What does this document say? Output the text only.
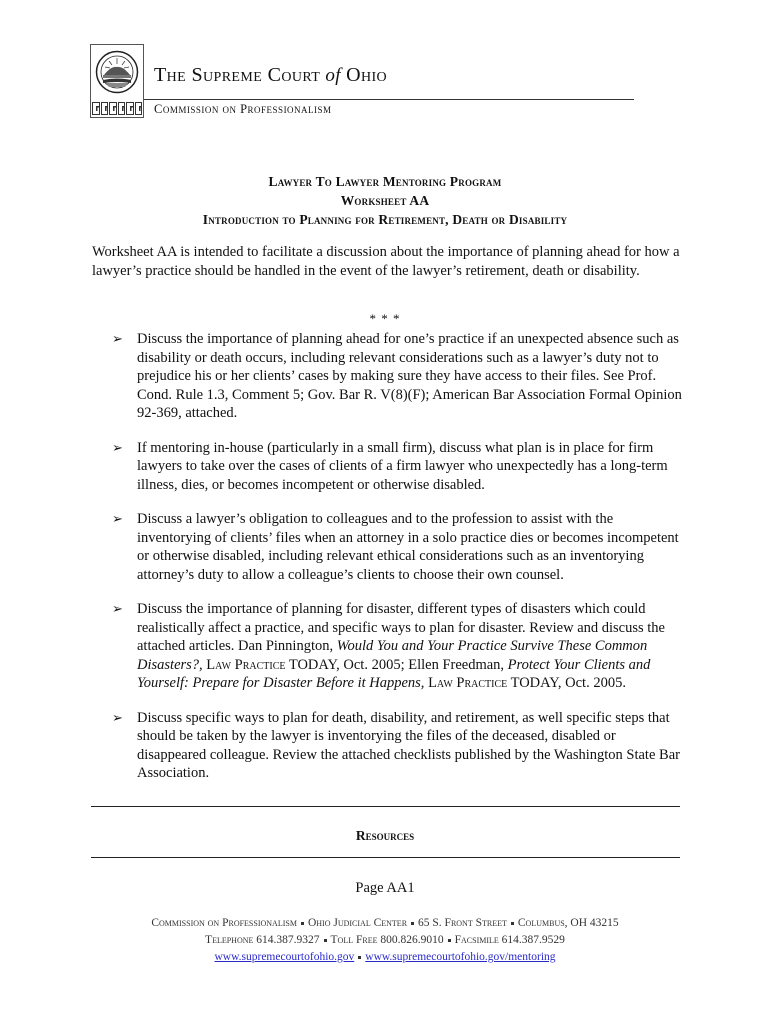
The Supreme Court of Ohio
Commission on Professionalism
Lawyer To Lawyer Mentoring Program
Worksheet AA
Introduction to Planning for Retirement, Death or Disability
Worksheet AA is intended to facilitate a discussion about the importance of planning ahead for how a lawyer’s practice should be handled in the event of the lawyer’s retirement, death or disability.
* * *
➢ Discuss the importance of planning ahead for one’s practice if an unexpected absence such as disability or death occurs, including relevant considerations such as a lawyer’s duty not to prejudice his or her clients’ cases by making sure they have access to their files. See Prof. Cond. Rule 1.3, Comment 5; Gov. Bar R. V(8)(F); American Bar Association Formal Opinion 92-369, attached.
➢ If mentoring in-house (particularly in a small firm), discuss what plan is in place for firm lawyers to take over the cases of clients of a firm lawyer who unexpectedly has a long-term illness, dies, or becomes incompetent or otherwise disabled.
➢ Discuss a lawyer’s obligation to colleagues and to the profession to assist with the inventorying of clients’ files when an attorney in a solo practice dies or becomes incompetent or otherwise disabled, including relevant ethical considerations such as an inventorying attorney’s duty to allow a colleague’s clients to choose their own counsel.
➢ Discuss the importance of planning for disaster, different types of disasters which could realistically affect a practice, and specific ways to plan for disaster. Review and discuss the attached articles. Dan Pinnington, Would You and Your Practice Survive These Common Disasters?, Law Practice TODAY, Oct. 2005; Ellen Freedman, Protect Your Clients and Yourself: Prepare for Disaster Before it Happens, Law Practice TODAY, Oct. 2005.
➢ Discuss specific ways to plan for death, disability, and retirement, as well specific steps that should be taken by the lawyer is inventorying the files of the deceased, disabled or disappeared colleague. Review the attached checklists published by the Washington State Bar Association.
Resources
Page AA1
Commission on Professionalism Ohio Judicial Center 65 S. Front Street Columbus, OH 43215
Telephone 614.387.9327 Toll Free 800.826.9010 Facsimile 614.387.9529
www.supremecourtofohio.gov www.supremecourtofohio.gov/mentoring
